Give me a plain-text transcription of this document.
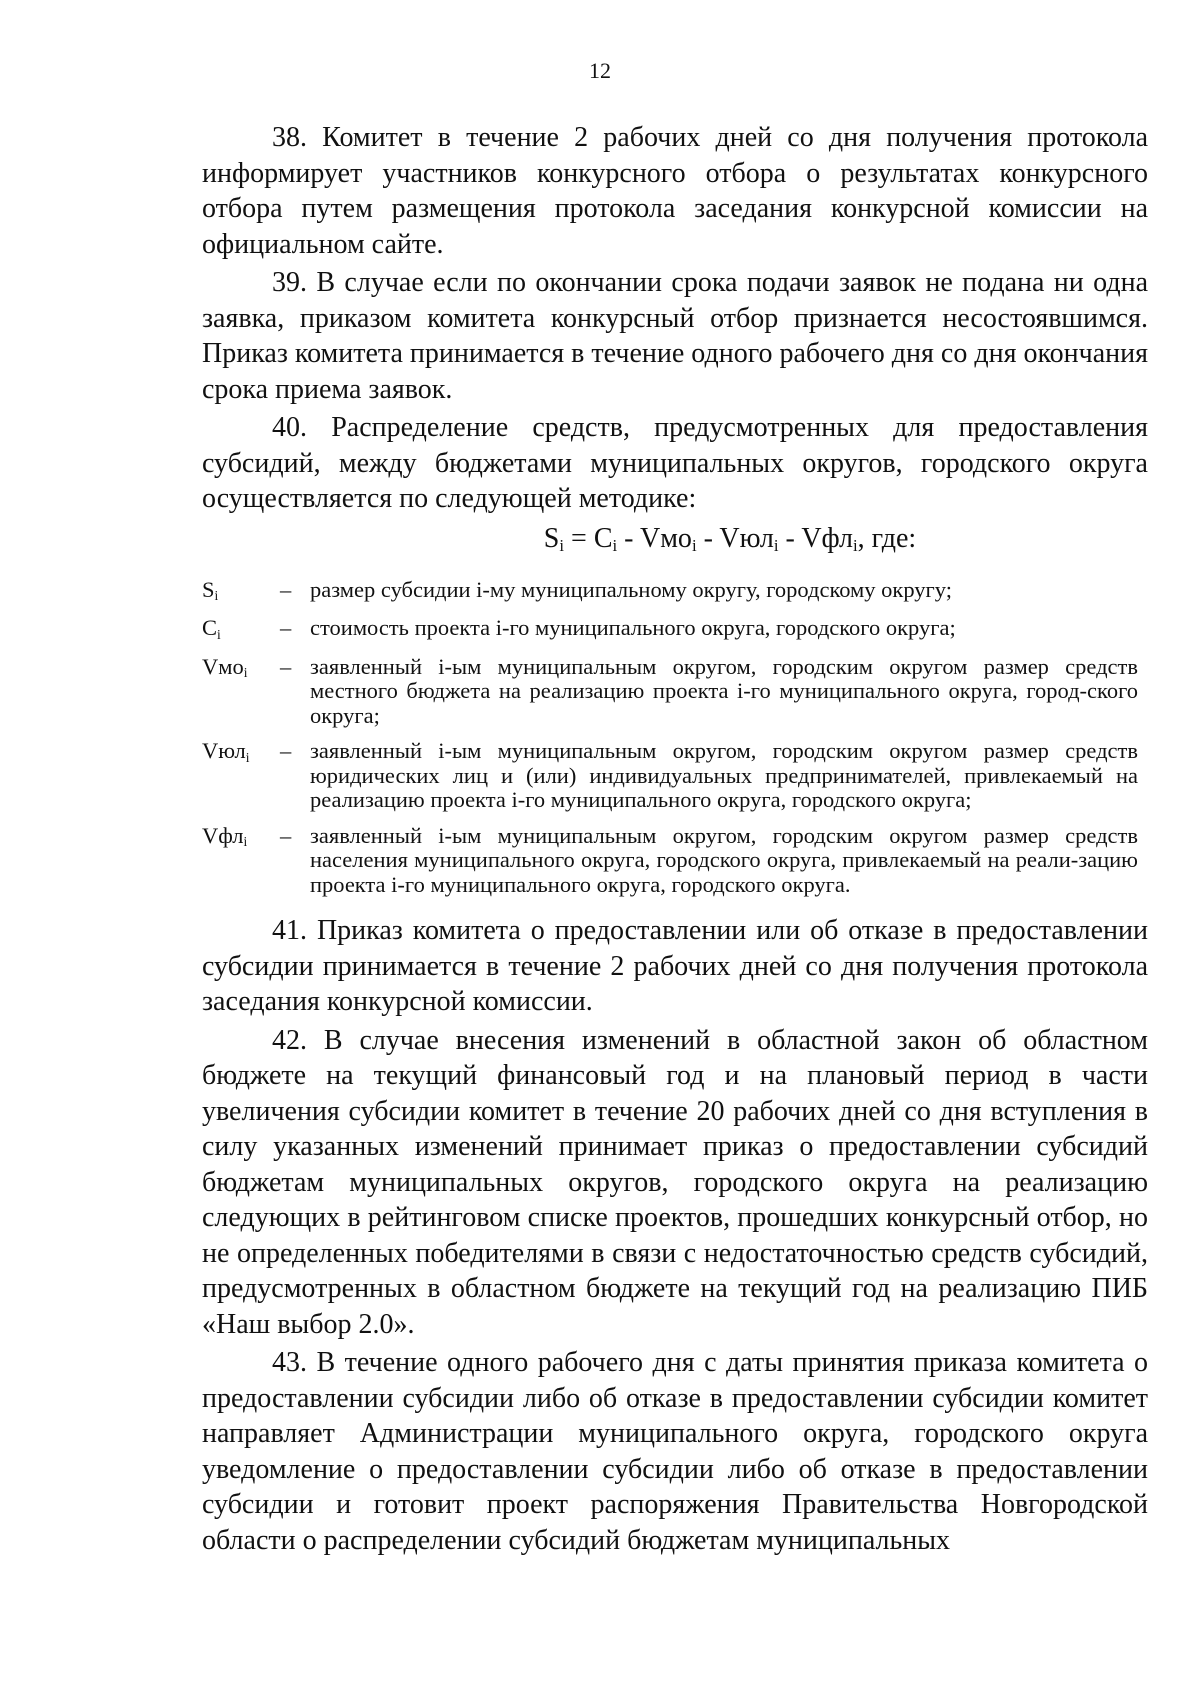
12

38. Комитет в течение 2 рабочих дней со дня получения протокола информирует участников конкурсного отбора о результатах конкурсного отбора путем размещения протокола заседания конкурсной комиссии на официальном сайте.

39. В случае если по окончании срока подачи заявок не подана ни одна заявка, приказом комитета конкурсный отбор признается несостоявшимся. Приказ комитета принимается в течение одного рабочего дня со дня окончания срока приема заявок.

40. Распределение средств, предусмотренных для предоставления субсидий, между бюджетами муниципальных округов, городского округа осуществляется по следующей методике:

$S_i = C_i - Vмо_i - Vюл_i - Vфл_i$, где:
$S_i$	– размер субсидии i-му муниципальному округу, городскому округу;
$C_i$	– стоимость проекта i-го муниципального округа, городского округа;
Vмо$_i$	– заявленный i-ым муниципальным округом, городским округом размер средств местного бюджета на реализацию проекта i-го муниципального округа, город-ского округа;
Vюл$_i$	– заявленный i-ым муниципальным округом, городским округом размер средств юридических лиц и (или) индивидуальных предпринимателей, привлекаемый на реализацию проекта i-го муниципального округа, городского округа;
Vфл$_i$	– заявленный i-ым муниципальным округом, городским округом размер средств населения муниципального округа, городского округа, привлекаемый на реали-зацию проекта i-го муниципального округа, городского округа.

41. Приказ комитета о предоставлении или об отказе в предоставлении субсидии принимается в течение 2 рабочих дней со дня получения протокола заседания конкурсной комиссии.

42. В случае внесения изменений в областной закон об областном бюджете на текущий финансовый год и на плановый период в части увеличения субсидии комитет в течение 20 рабочих дней со дня вступления в силу указанных изменений принимает приказ о предоставлении субсидий бюджетам муниципальных округов, городского округа на реализацию следующих в рейтинговом списке проектов, прошедших конкурсный отбор, но не определенных победителями в связи с недостаточностью средств субсидий, предусмотренных в областном бюджете на текущий год на реализацию ПИБ «Наш выбор 2.0».

43. В течение одного рабочего дня с даты принятия приказа комитета о предоставлении субсидии либо об отказе в предоставлении субсидии комитет направляет Администрации муниципального округа, городского округа уведомление о предоставлении субсидии либо об отказе в предоставлении субсидии и готовит проект распоряжения Правительства Новгородской области о распределении субсидий бюджетам муниципальных
